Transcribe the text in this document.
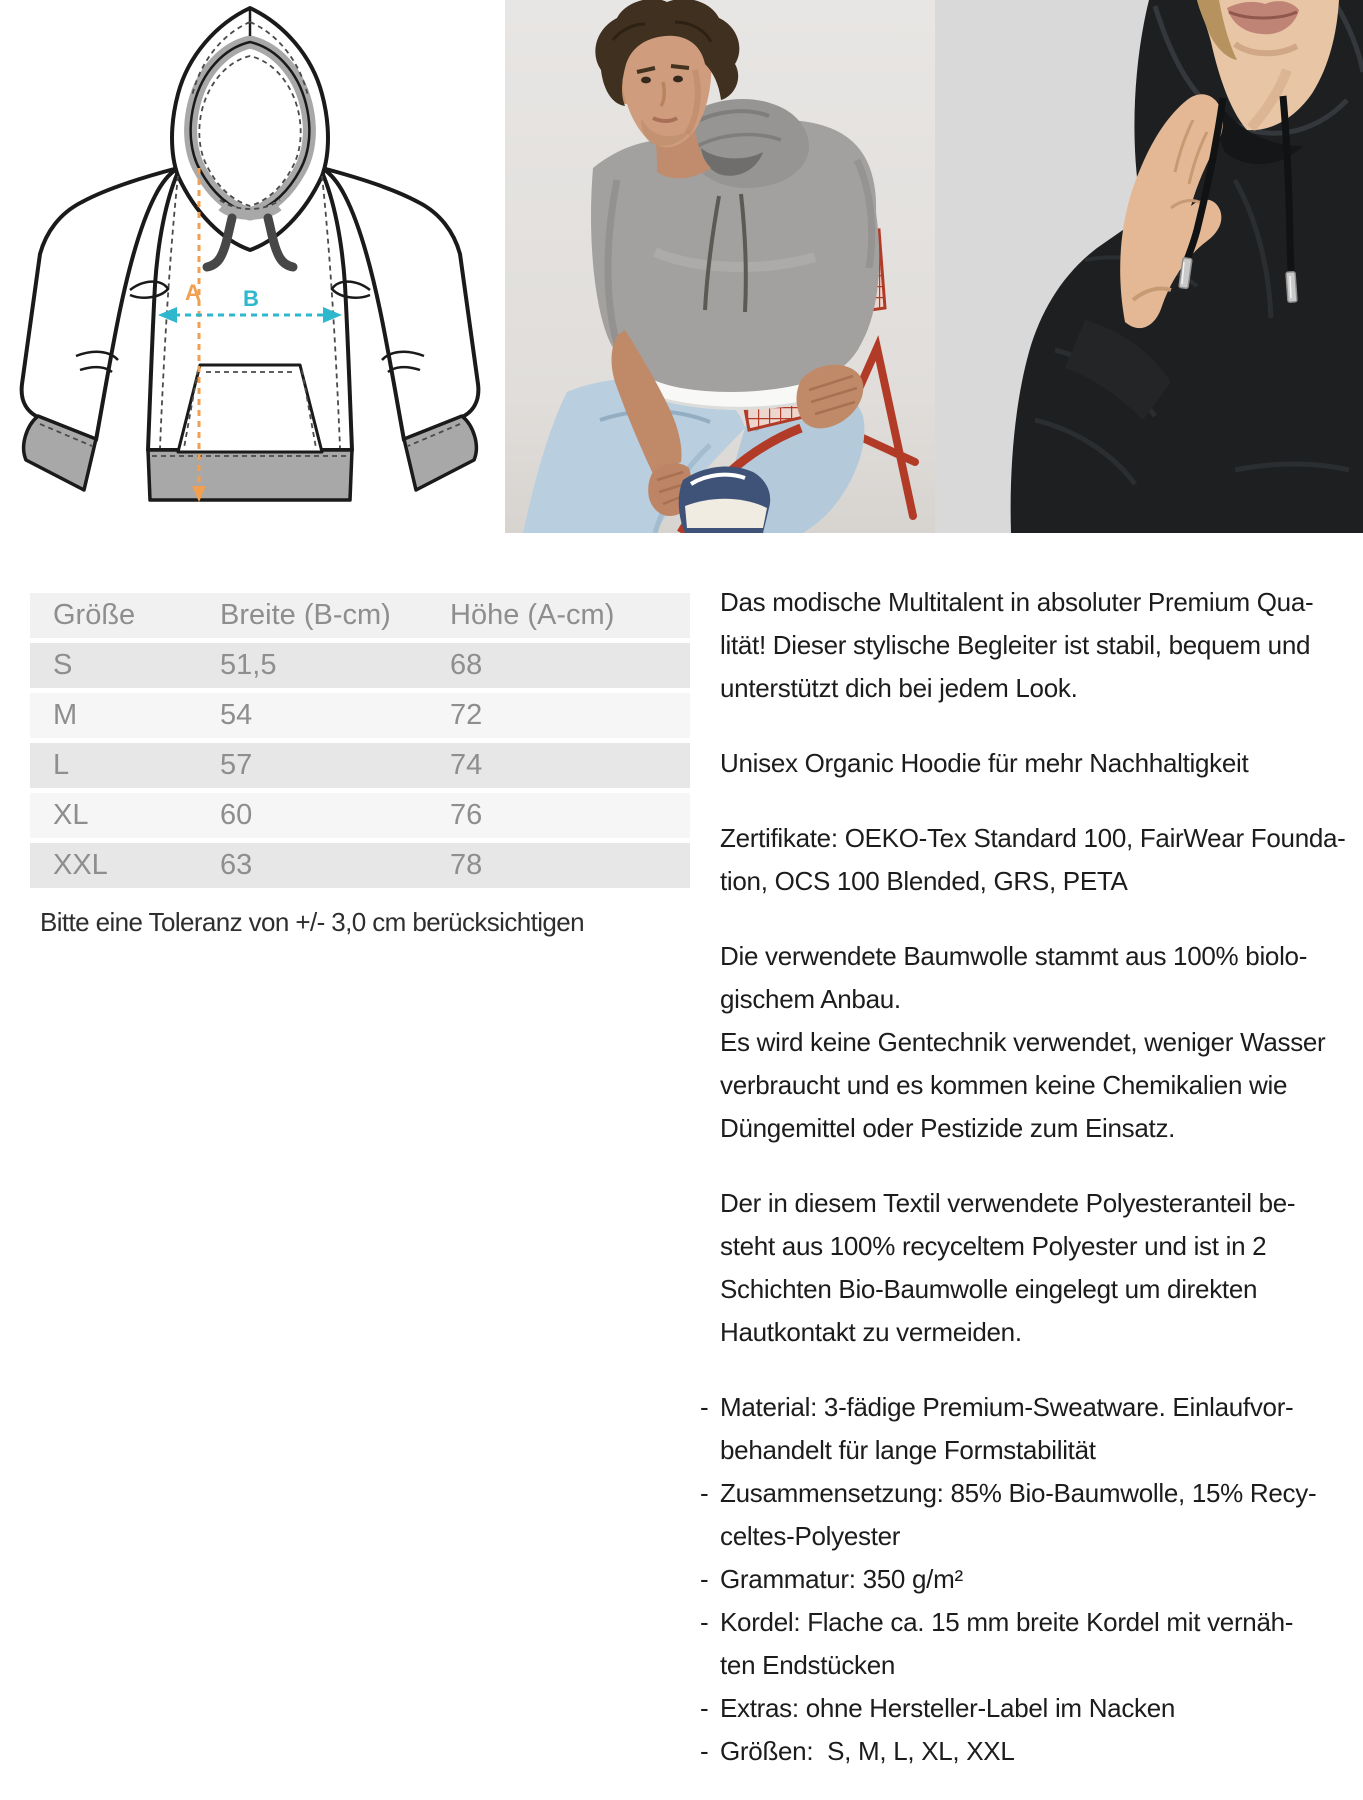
A B
Größe	Breite (B-cm)	Höhe (A-cm)
S	51,5	68
M	54	72
L	57	74
XL	60	76
XXL	63	78
Bitte eine Toleranz von +/- 3,0 cm berücksichtigen

Das modische Multitalent in absoluter Premium Qua-
lität! Dieser stylische Begleiter ist stabil, bequem und
unterstützt dich bei jedem Look.

Unisex Organic Hoodie für mehr Nachhaltigkeit

Zertifikate: OEKO-Tex Standard 100, FairWear Founda-
tion, OCS 100 Blended, GRS, PETA

Die verwendete Baumwolle stammt aus 100% biolo-
gischem Anbau.
Es wird keine Gentechnik verwendet, weniger Wasser
verbraucht und es kommen keine Chemikalien wie
Düngemittel oder Pestizide zum Einsatz.

Der in diesem Textil verwendete Polyesteranteil be-
steht aus 100% recyceltem Polyester und ist in 2
Schichten Bio-Baumwolle eingelegt um direkten
Hautkontakt zu vermeiden.

- Material: 3-fädige Premium-Sweatware. Einlaufvor-
behandelt für lange Formstabilität
- Zusammensetzung: 85% Bio-Baumwolle, 15% Recy-
celtes-Polyester
- Grammatur: 350 g/m²
- Kordel: Flache ca. 15 mm breite Kordel mit vernäh-
ten Endstücken
- Extras: ohne Hersteller-Label im Nacken
- Größen:  S, M, L, XL, XXL
